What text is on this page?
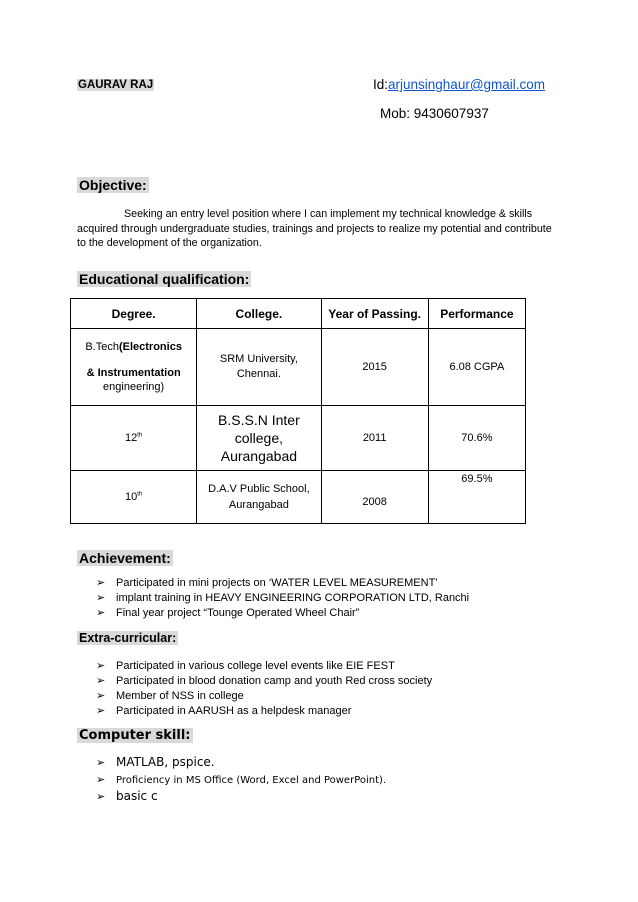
GAURAV RAJ	Id:arjunsinghaur@gmail.com
Mob: 9430607937
Objective:
Seeking an entry level position where I can implement my technical knowledge & skills acquired through undergraduate studies, trainings and projects to realize my potential and contribute to the development of the organization.
Educational qualification:
Degree.	College.	Year of Passing.	Performance

B.Tech(Electronics
& Instrumentation
engineering)	SRM University, Chennai.	2015	6.08 CGPA
12th	B.S.S.N Inter college, Aurangabad	2011	70.6%
10th	D.A.V Public School, Aurangabad	2008	69.5%
Achievement:
➢ Participated in mini projects on ‘WATER LEVEL MEASUREMENT’
➢ implant training in HEAVY ENGINEERING CORPORATION LTD, Ranchi
➢ Final year project “Tounge Operated Wheel Chair”
Extra-curricular:
➢ Participated in various college level events like EIE FEST
➢ Participated in blood donation camp and youth Red cross society
➢ Member of NSS in college
➢ Participated in AARUSH as a helpdesk manager
Computer skill:
➢ MATLAB, pspice.
➢ Proficiency in MS Office (Word, Excel and PowerPoint).
➢ basic c
